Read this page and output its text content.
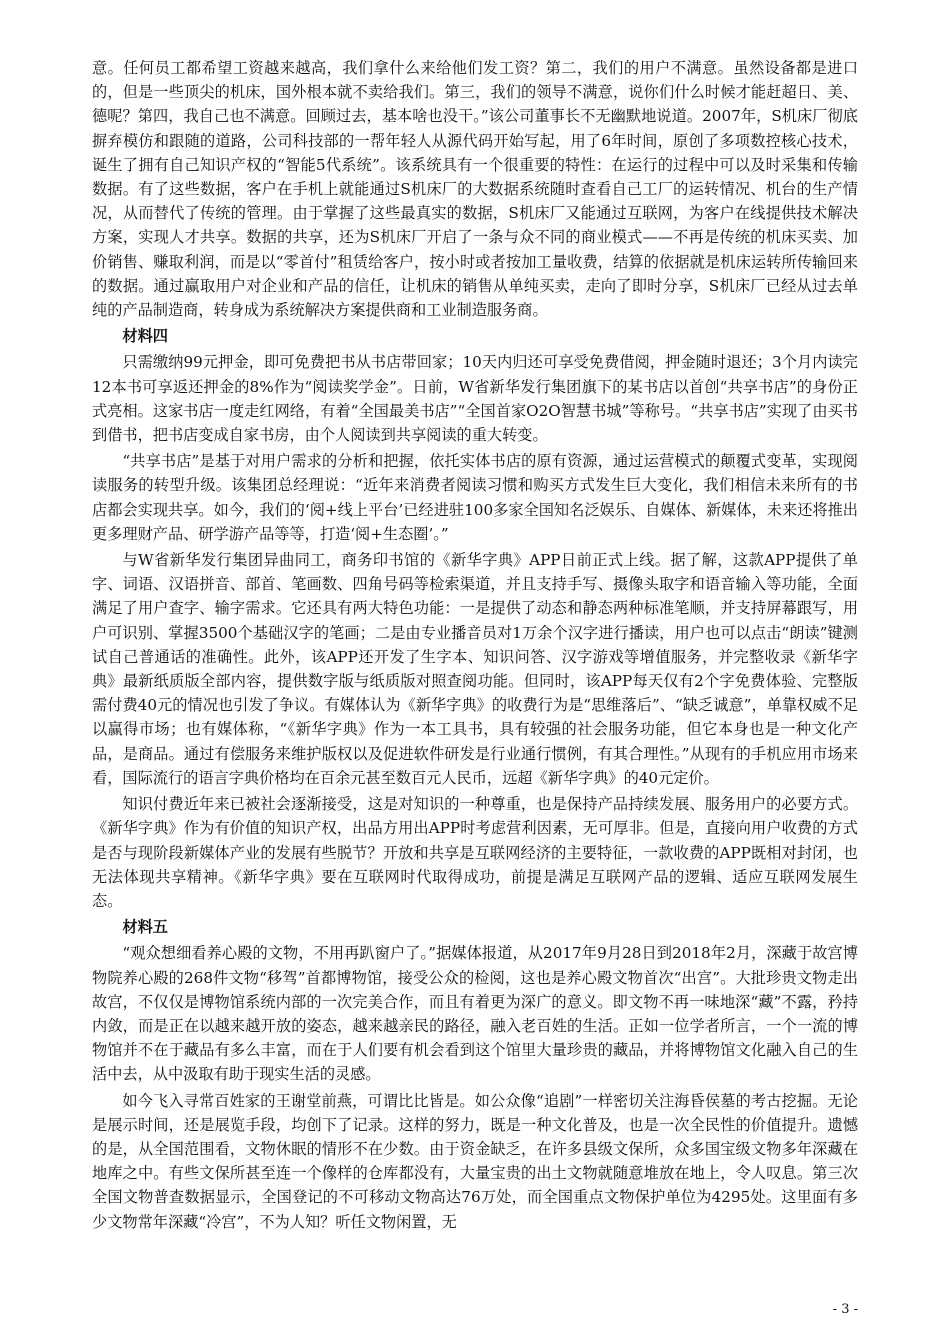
意。任何员工都希望工资越来越高，我们拿什么来给他们发工资？第二，我们的用户不满意。虽然设备都是进口的，但是一些顶尖的机床，国外根本就不卖给我们。第三，我们的领导不满意，说你们什么时候才能赶超日、美、德呢？第四，我自己也不满意。回顾过去，基本啥也没干。”该公司董事长不无幽默地说道。2007年，S机床厂彻底摒弃模仿和跟随的道路，公司科技部的一帮年轻人从源代码开始写起，用了6年时间，原创了多项数控核心技术，诞生了拥有自己知识产权的“智能5代系统”。该系统具有一个很重要的特性：在运行的过程中可以及时采集和传输数据。有了这些数据，客户在手机上就能通过S机床厂的大数据系统随时查看自己工厂的运转情况、机台的生产情况，从而替代了传统的管理。由于掌握了这些最真实的数据，S机床厂又能通过互联网，为客户在线提供技术解决方案，实现人才共享。数据的共享，还为S机床厂开启了一条与众不同的商业模式——不再是传统的机床买卖、加价销售、赚取利润，而是以“零首付”租赁给客户，按小时或者按加工量收费，结算的依据就是机床运转所传输回来的数据。通过赢取用户对企业和产品的信任，让机床的销售从单纯买卖，走向了即时分享，S机床厂已经从过去单纯的产品制造商，转身成为系统解决方案提供商和工业制造服务商。

材料四

只需缴纳99元押金，即可免费把书从书店带回家；10天内归还可享受免费借阅，押金随时退还；3个月内读完12本书可享返还押金的8%作为“阅读奖学金”。日前，W省新华发行集团旗下的某书店以首创“共享书店”的身份正式亮相。这家书店一度走红网络，有着“全国最美书店”“全国首家O2O智慧书城”等称号。“共享书店”实现了由买书到借书，把书店变成自家书房，由个人阅读到共享阅读的重大转变。

“共享书店”是基于对用户需求的分析和把握，依托实体书店的原有资源，通过运营模式的颠覆式变革，实现阅读服务的转型升级。该集团总经理说：“近年来消费者阅读习惯和购买方式发生巨大变化，我们相信未来所有的书店都会实现共享。如今，我们的‘阅+线上平台’已经进驻100多家全国知名泛娱乐、自媒体、新媒体，未来还将推出更多理财产品、研学游产品等等，打造‘阅+生态圈’。”

与W省新华发行集团异曲同工，商务印书馆的《新华字典》APP日前正式上线。据了解，这款APP提供了单字、词语、汉语拼音、部首、笔画数、四角号码等检索渠道，并且支持手写、摄像头取字和语音输入等功能，全面满足了用户查字、输字需求。它还具有两大特色功能：一是提供了动态和静态两种标准笔顺，并支持屏幕跟写，用户可识别、掌握3500个基础汉字的笔画；二是由专业播音员对1万余个汉字进行播读，用户也可以点击“朗读”键测试自己普通话的准确性。此外，该APP还开发了生字本、知识问答、汉字游戏等增值服务，并完整收录《新华字典》最新纸质版全部内容，提供数字版与纸质版对照查阅功能。但同时，该APP每天仅有2个字免费体验、完整版需付费40元的情况也引发了争议。有媒体认为《新华字典》的收费行为是“思维落后”、“缺乏诚意”，单靠权威不足以赢得市场；也有媒体称，“《新华字典》作为一本工具书，具有较强的社会服务功能，但它本身也是一种文化产品，是商品。通过有偿服务来维护版权以及促进软件研发是行业通行惯例，有其合理性。”从现有的手机应用市场来看，国际流行的语言字典价格均在百余元甚至数百元人民币，远超《新华字典》的40元定价。

知识付费近年来已被社会逐渐接受，这是对知识的一种尊重，也是保持产品持续发展、服务用户的必要方式。《新华字典》作为有价值的知识产权，出品方用出APP时考虑营利因素，无可厚非。但是，直接向用户收费的方式是否与现阶段新媒体产业的发展有些脱节？开放和共享是互联网经济的主要特征，一款收费的APP既相对封闭，也无法体现共享精神。《新华字典》要在互联网时代取得成功，前提是满足互联网产品的逻辑、适应互联网发展生态。

材料五

“观众想细看养心殿的文物，不用再趴窗户了。”据媒体报道，从2017年9月28日到2018年2月，深藏于故宫博物院养心殿的268件文物“移驾”首都博物馆，接受公众的检阅，这也是养心殿文物首次“出宫”。大批珍贵文物走出故宫，不仅仅是博物馆系统内部的一次完美合作，而且有着更为深广的意义。即文物不再一味地深“藏”不露，矜持内敛，而是正在以越来越开放的姿态，越来越亲民的路径，融入老百姓的生活。正如一位学者所言，一个一流的博物馆并不在于藏品有多么丰富，而在于人们要有机会看到这个馆里大量珍贵的藏品，并将博物馆文化融入自己的生活中去，从中汲取有助于现实生活的灵感。

如今飞入寻常百姓家的王谢堂前燕，可谓比比皆是。如公众像“追剧”一样密切关注海昏侯墓的考古挖掘。无论是展示时间，还是展览手段，均创下了记录。这样的努力，既是一种文化普及，也是一次全民性的价值提升。遗憾的是，从全国范围看，文物休眠的情形不在少数。由于资金缺乏，在许多县级文保所，众多国宝级文物多年深藏在地库之中。有些文保所甚至连一个像样的仓库都没有，大量宝贵的出土文物就随意堆放在地上，令人叹息。第三次全国文物普查数据显示，全国登记的不可移动文物高达76万处，而全国重点文物保护单位为4295处。这里面有多少文物常年深藏“冷宫”，不为人知？听任文物闲置，无

- 3 -
